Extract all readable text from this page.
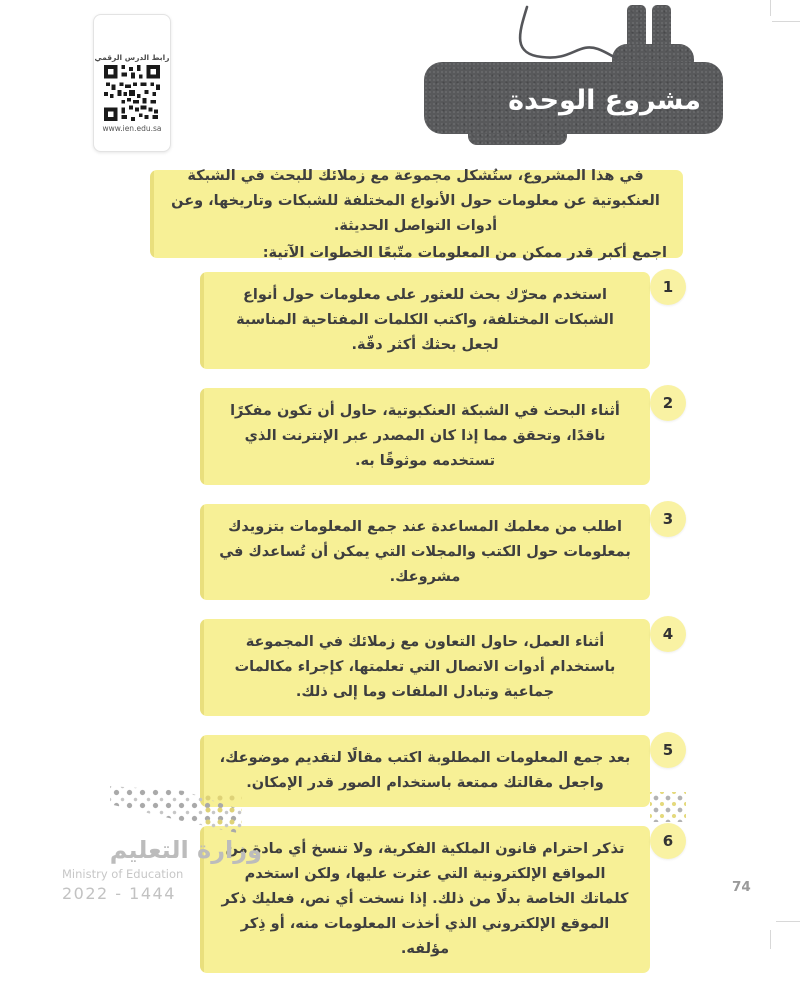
رابط الدرس الرقمي
www.ien.edu.sa
مشروع الوحدة

في هذا المشروع، ستُشكل مجموعة مع زملائك للبحث في الشبكة العنكبوتية عن معلومات حول الأنواع المختلفة للشبكات وتاريخها، وعن أدوات التواصل الحديثة.

اجمع أكبر قدر ممكن من المعلومات متّبعًا الخطوات الآتية:

استخدم محرّك بحث للعثور على معلومات حول أنواع الشبكات المختلفة، واكتب الكلمات المفتاحية المناسبة لجعل بحثك أكثر دقّة.
1
أثناء البحث في الشبكة العنكبوتية، حاول أن تكون مفكرًا ناقدًا، وتحقق مما إذا كان المصدر عبر الإنترنت الذي تستخدمه موثوقًا به.
2
اطلب من معلمك المساعدة عند جمع المعلومات بتزويدك بمعلومات حول الكتب والمجلات التي يمكن أن تُساعدك في مشروعك.
3
أثناء العمل، حاول التعاون مع زملائك في المجموعة باستخدام أدوات الاتصال التي تعلمتها، كإجراء مكالمات جماعية وتبادل الملفات وما إلى ذلك.
4
بعد جمع المعلومات المطلوبة اكتب مقالًا لتقديم موضوعك، واجعل مقالتك ممتعة باستخدام الصور قدر الإمكان.
5
تذكر احترام قانون الملكية الفكرية، ولا تنسخ أي مادة من المواقع الإلكترونية التي عثرت عليها، ولكن استخدم كلماتك الخاصة بدلًا من ذلك. إذا نسخت أي نص، فعليك ذكر الموقع الإلكتروني الذي أخذت المعلومات منه، أو ذِكر مؤلفه.
6
وزارة التعليم
Ministry of Education
2022 - 1444	74
